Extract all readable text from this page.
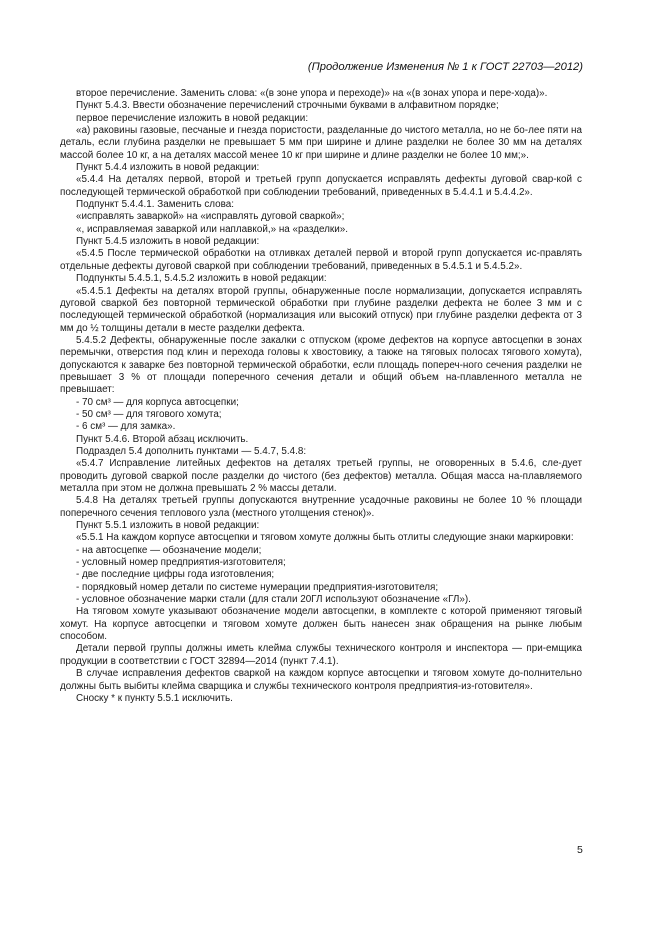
(Продолжение Изменения № 1 к ГОСТ 22703—2012)

второе перечисление. Заменить слова: «(в зоне упора и переходе)» на «(в зонах упора и пере-хода)».

Пункт 5.4.3. Ввести обозначение перечислений строчными буквами в алфавитном порядке;

первое перечисление изложить в новой редакции:

«а) раковины газовые, песчаные и гнезда пористости, разделанные до чистого металла, но не бо-лее пяти на деталь, если глубина разделки не превышает 5 мм при ширине и длине разделки не более 30 мм на деталях массой более 10 кг, а на деталях массой менее 10 кг при ширине и длине разделки не более 10 мм;».

Пункт 5.4.4 изложить в новой редакции:

«5.4.4 На деталях первой, второй и третьей групп допускается исправлять дефекты дуговой свар-кой с последующей термической обработкой при соблюдении требований, приведенных в 5.4.4.1 и 5.4.4.2».

Подпункт 5.4.4.1. Заменить слова:

«исправлять заваркой» на «исправлять дуговой сваркой»;

«, исправляемая заваркой или наплавкой,» на «разделки».

Пункт 5.4.5 изложить в новой редакции:

«5.4.5 После термической обработки на отливках деталей первой и второй групп допускается ис-правлять отдельные дефекты дуговой сваркой при соблюдении требований, приведенных в 5.4.5.1 и 5.4.5.2».

Подпункты 5.4.5.1, 5.4.5.2 изложить в новой редакции:

«5.4.5.1 Дефекты на деталях второй группы, обнаруженные после нормализации, допускается исправлять дуговой сваркой без повторной термической обработки при глубине разделки дефекта не более 3 мм и с последующей термической обработкой (нормализация или высокий отпуск) при глубине разделки дефекта от 3 мм до ½ толщины детали в месте разделки дефекта.

5.4.5.2 Дефекты, обнаруженные после закалки с отпуском (кроме дефектов на корпусе автосцепки в зонах перемычки, отверстия под клин и перехода головы к хвостовику, а также на тяговых полосах тягового хомута), допускаются к заварке без повторной термической обработки, если площадь попереч-ного сечения разделки не превышает 3 % от площади поперечного сечения детали и общий объем на-плавленного металла не превышает:

- 70 см³ — для корпуса автосцепки;

- 50 см³ — для тягового хомута;

- 6 см³ — для замка».

Пункт 5.4.6. Второй абзац исключить.

Подраздел 5.4 дополнить пунктами — 5.4.7, 5.4.8:

«5.4.7 Исправление литейных дефектов на деталях третьей группы, не оговоренных в 5.4.6, сле-дует проводить дуговой сваркой после разделки до чистого (без дефектов) металла. Общая масса на-плавляемого металла при этом не должна превышать 2 % массы детали.

5.4.8 На деталях третьей группы допускаются внутренние усадочные раковины не более 10 % площади поперечного сечения теплового узла (местного утолщения стенок)».

Пункт 5.5.1 изложить в новой редакции:

«5.5.1 На каждом корпусе автосцепки и тяговом хомуте должны быть отлиты следующие знаки маркировки:

- на автосцепке — обозначение модели;

- условный номер предприятия-изготовителя;

- две последние цифры года изготовления;

- порядковый номер детали по системе нумерации предприятия-изготовителя;

- условное обозначение марки стали (для стали 20ГЛ используют обозначение «ГЛ»).

На тяговом хомуте указывают обозначение модели автосцепки, в комплекте с которой применяют тяговый хомут. На корпусе автосцепки и тяговом хомуте должен быть нанесен знак обращения на рынке любым способом.

Детали первой группы должны иметь клейма службы технического контроля и инспектора — при-емщика продукции в соответствии с ГОСТ 32894—2014 (пункт 7.4.1).

В случае исправления дефектов сваркой на каждом корпусе автосцепки и тяговом хомуте до-полнительно должны быть выбиты клейма сварщика и службы технического контроля предприятия-из-готовителя».

Сноску * к пункту 5.5.1 исключить.

5
